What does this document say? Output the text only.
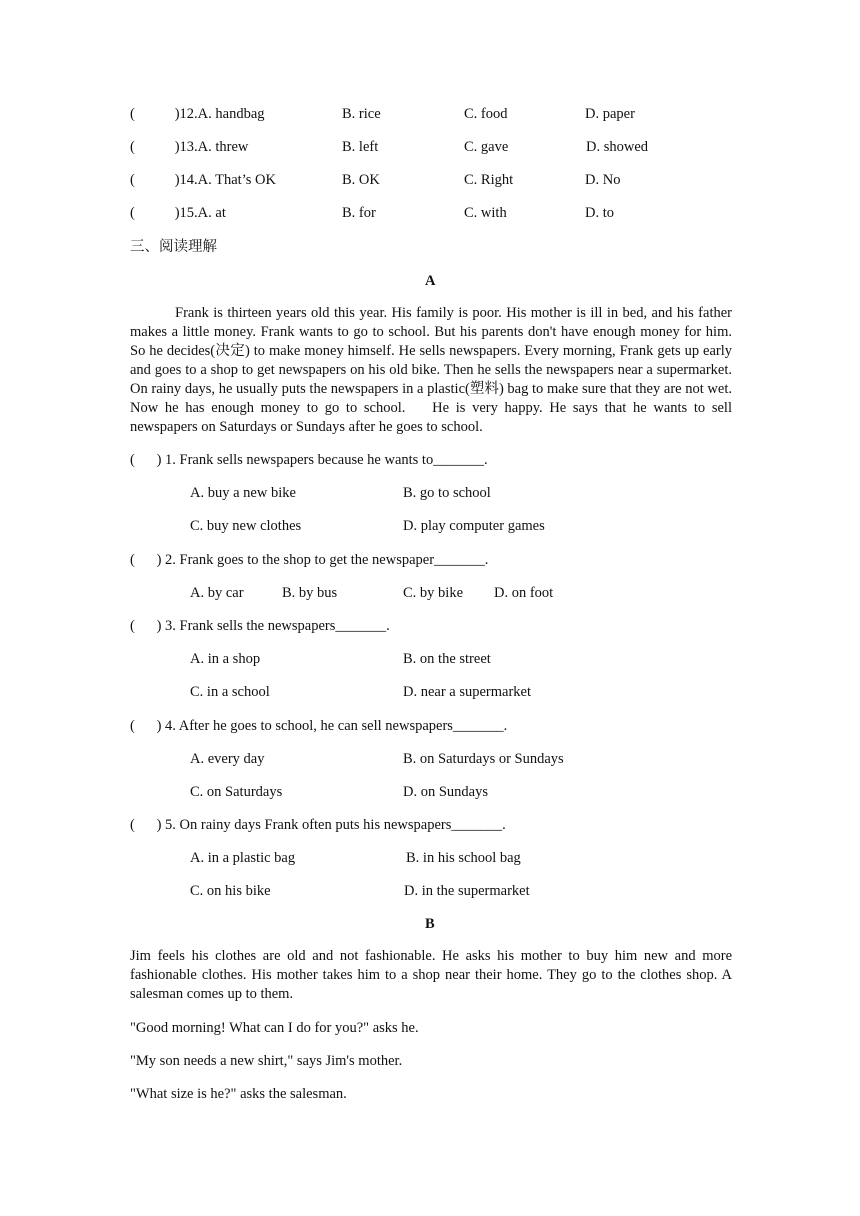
(           )12.A. handbag	B. rice	C. food	D. paper
(           )13.A. threw	B. left	C. gave	D. showed
(           )14.A. That’s OK	B. OK	C. Right	D. No
(           )15.A. at	B. for	C. with	D. to
三、阅读理解
A
Frank is thirteen years old this year. His family is poor. His mother is ill in bed, and his father makes a little money. Frank wants to go to school. But his parents don't have enough money for him. So he decides(决定) to make money himself. He sells newspapers. Every morning, Frank gets up early and goes to a shop to get newspapers on his old bike. Then he sells the newspapers near a supermarket. On rainy days, he usually puts the newspapers in a plastic(塑料) bag to make sure that they are not wet. Now he has enough money to go to school.    He is very happy. He says that he wants to sell newspapers on Saturdays or Sundays after he goes to school.
(      ) 1. Frank sells newspapers because he wants to_______.
A. buy a new bike	B. go to school
C. buy new clothes	D. play computer games
(      ) 2. Frank goes to the shop to get the newspaper_______.
A. by car	B. by bus	C. by bike D. on foot
(      ) 3. Frank sells the newspapers_______.
A. in a shop	B. on the street
C. in a school	D. near a supermarket
(      ) 4. After he goes to school, he can sell newspapers_______.
A. every day	B. on Saturdays or Sundays
C. on Saturdays	D. on Sundays
(      ) 5. On rainy days Frank often puts his newspapers_______.
A. in a plastic bag	B. in his school bag
C. on his bike	D. in the supermarket
B
Jim feels his clothes are old and not fashionable. He asks his mother to buy him new and more fashionable clothes. His mother takes him to a shop near their home. They go to the clothes shop. A salesman comes up to them.
"Good morning! What can I do for you?" asks he.
"My son needs a new shirt," says Jim's mother.
"What size is he?" asks the salesman.
